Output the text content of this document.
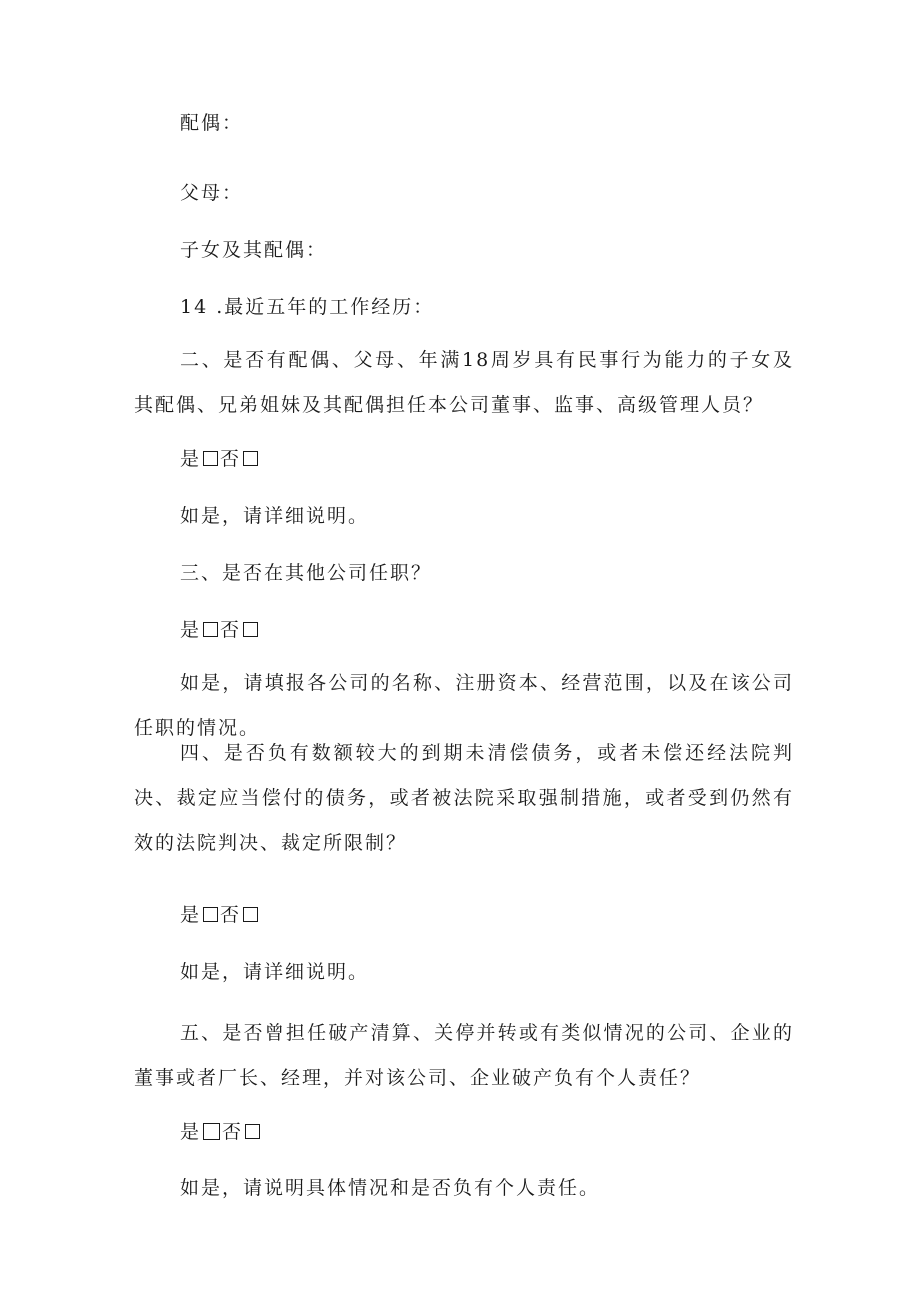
配偶：
父母：
子女及其配偶：
14 .最近五年的工作经历：
二、是否有配偶、父母、年满18周岁具有民事行为能力的子女及其配偶、兄弟姐妹及其配偶担任本公司董事、监事、高级管理人员？
是 否
如是，请详细说明。
三、是否在其他公司任职？
是 否
如是，请填报各公司的名称、注册资本、经营范围，以及在该公司任职的情况。
四、是否负有数额较大的到期未清偿债务，或者未偿还经法院判决、裁定应当偿付的债务，或者被法院采取强制措施，或者受到仍然有效的法院判决、裁定所限制？
是 否
如是，请详细说明。
五、是否曾担任破产清算、关停并转或有类似情况的公司、企业的董事或者厂长、经理，并对该公司、企业破产负有个人责任？
是 否
如是，请说明具体情况和是否负有个人责任。
